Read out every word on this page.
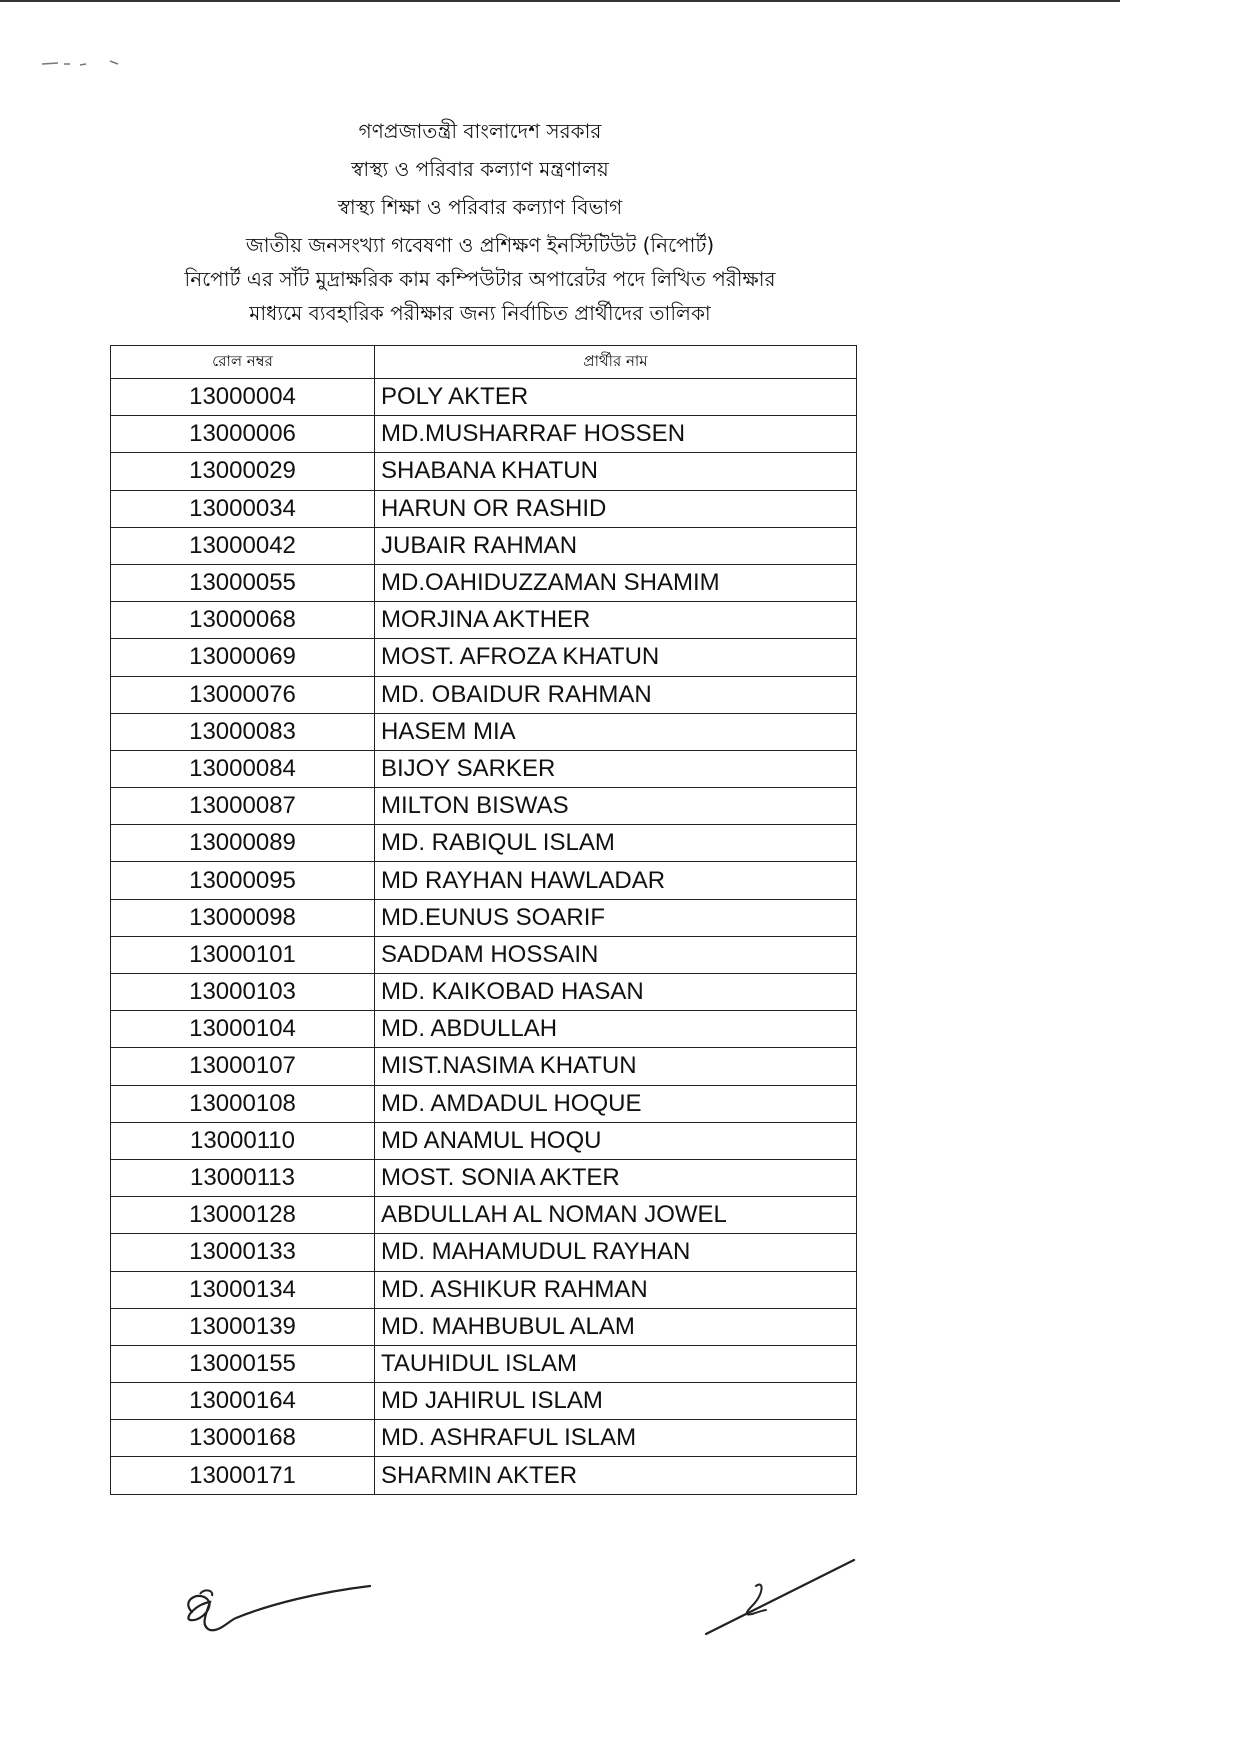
গণপ্রজাতন্ত্রী বাংলাদেশ সরকার
স্বাস্থ্য ও পরিবার কল্যাণ মন্ত্রণালয়
স্বাস্থ্য শিক্ষা ও পরিবার কল্যাণ বিভাগ
জাতীয় জনসংখ্যা গবেষণা ও প্রশিক্ষণ ইনস্টিটিউট (নিপোর্ট)
নিপোর্ট এর সাঁট মুদ্রাক্ষরিক কাম কম্পিউটার অপারেটর পদে লিখিত পরীক্ষার
মাধ্যমে ব্যবহারিক পরীক্ষার জন্য নির্বাচিত প্রার্থীদের তালিকা
রোল নম্বর	প্রার্থীর নাম
13000004	POLY AKTER
13000006	MD.MUSHARRAF HOSSEN
13000029	SHABANA KHATUN
13000034	HARUN OR RASHID
13000042	JUBAIR RAHMAN
13000055	MD.OAHIDUZZAMAN SHAMIM
13000068	MORJINA AKTHER
13000069	MOST. AFROZA KHATUN
13000076	MD. OBAIDUR RAHMAN
13000083	HASEM MIA
13000084	BIJOY SARKER
13000087	MILTON BISWAS
13000089	MD. RABIQUL ISLAM
13000095	MD RAYHAN HAWLADAR
13000098	MD.EUNUS SOARIF
13000101	SADDAM HOSSAIN
13000103	MD. KAIKOBAD HASAN
13000104	MD. ABDULLAH
13000107	MIST.NASIMA KHATUN
13000108	MD. AMDADUL HOQUE
13000110	MD ANAMUL HOQU
13000113	MOST. SONIA AKTER
13000128	ABDULLAH AL NOMAN JOWEL
13000133	MD. MAHAMUDUL RAYHAN
13000134	MD. ASHIKUR RAHMAN
13000139	MD. MAHBUBUL ALAM
13000155	TAUHIDUL ISLAM
13000164	MD JAHIRUL ISLAM
13000168	MD. ASHRAFUL ISLAM
13000171	SHARMIN AKTER
